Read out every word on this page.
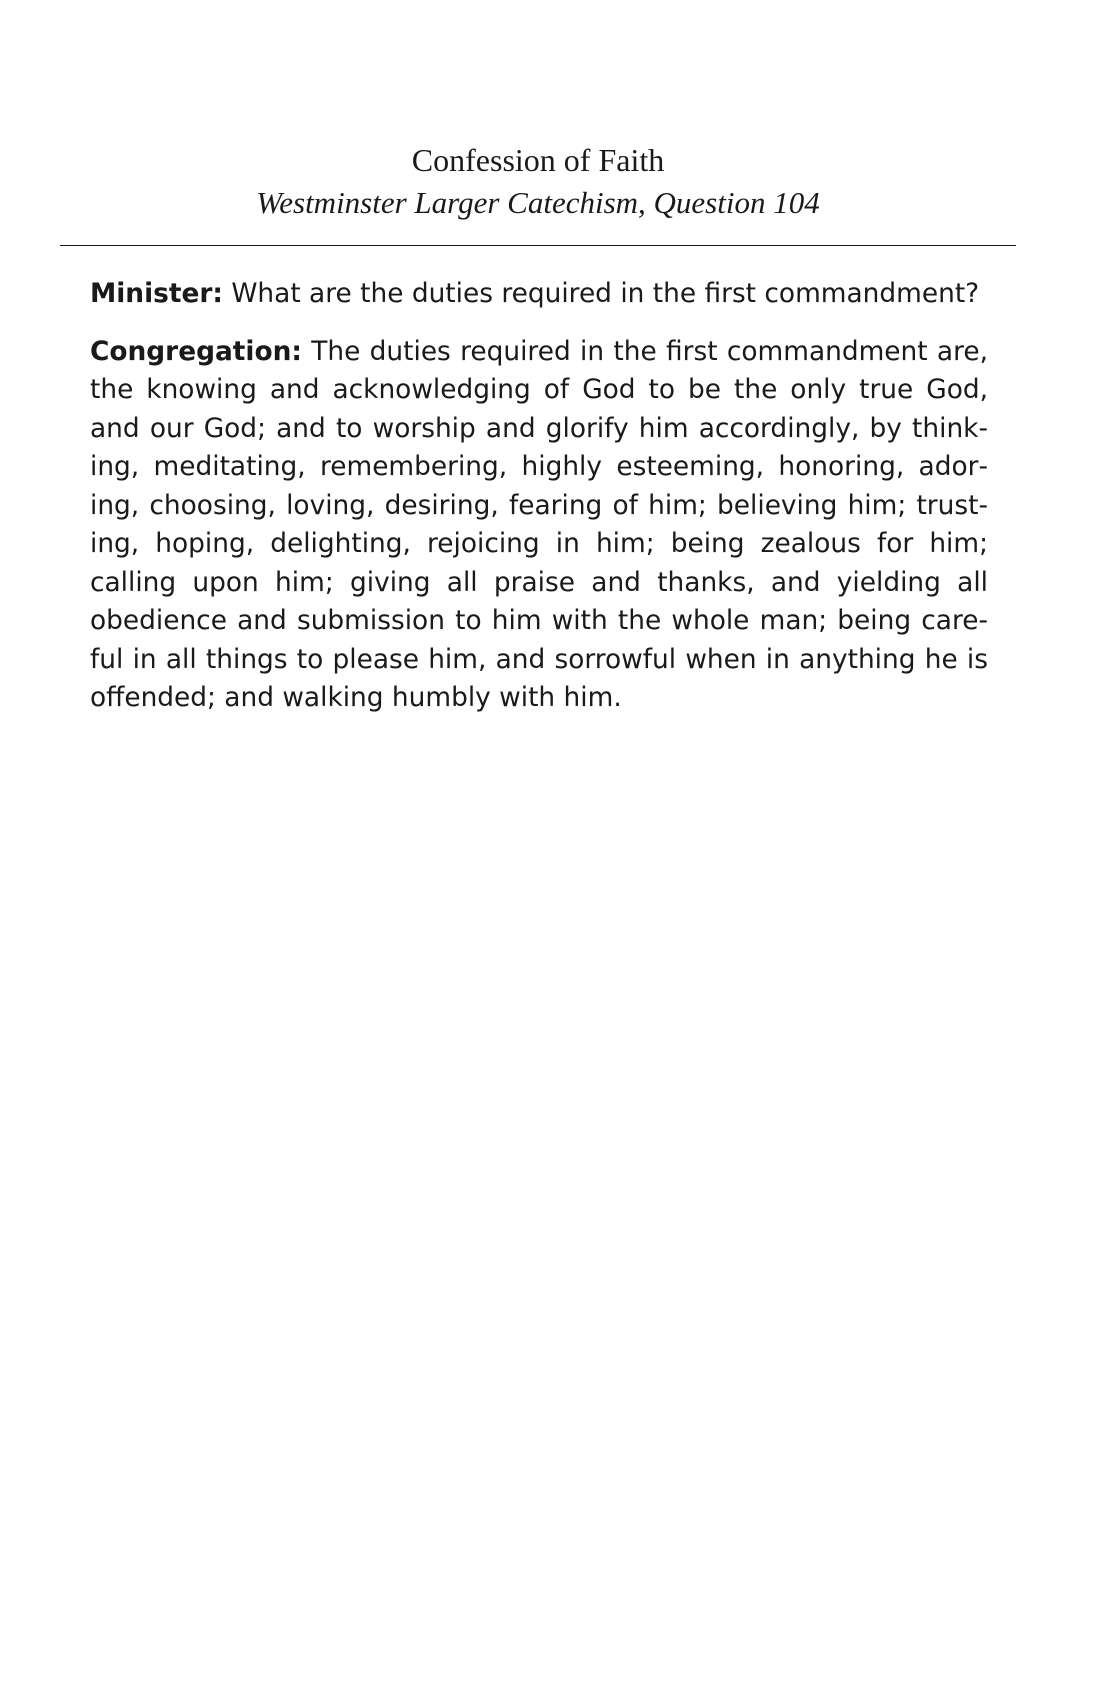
Confession of Faith

Westminster Larger Catechism, Question 104

Minister: What are the duties required in the first commandment?

Congregation: The duties required in the first commandment are, the knowing and acknowledging of God to be the only true God, and our God; and to worship and glorify him accordingly, by thinking, meditating, remembering, highly esteeming, honoring, adoring, choosing, loving, desiring, fearing of him; believing him; trusting, hoping, delighting, rejoicing in him; being zealous for him; calling upon him; giving all praise and thanks, and yielding all obedience and submission to him with the whole man; being careful in all things to please him, and sorrowful when in anything he is offended; and walking humbly with him.
